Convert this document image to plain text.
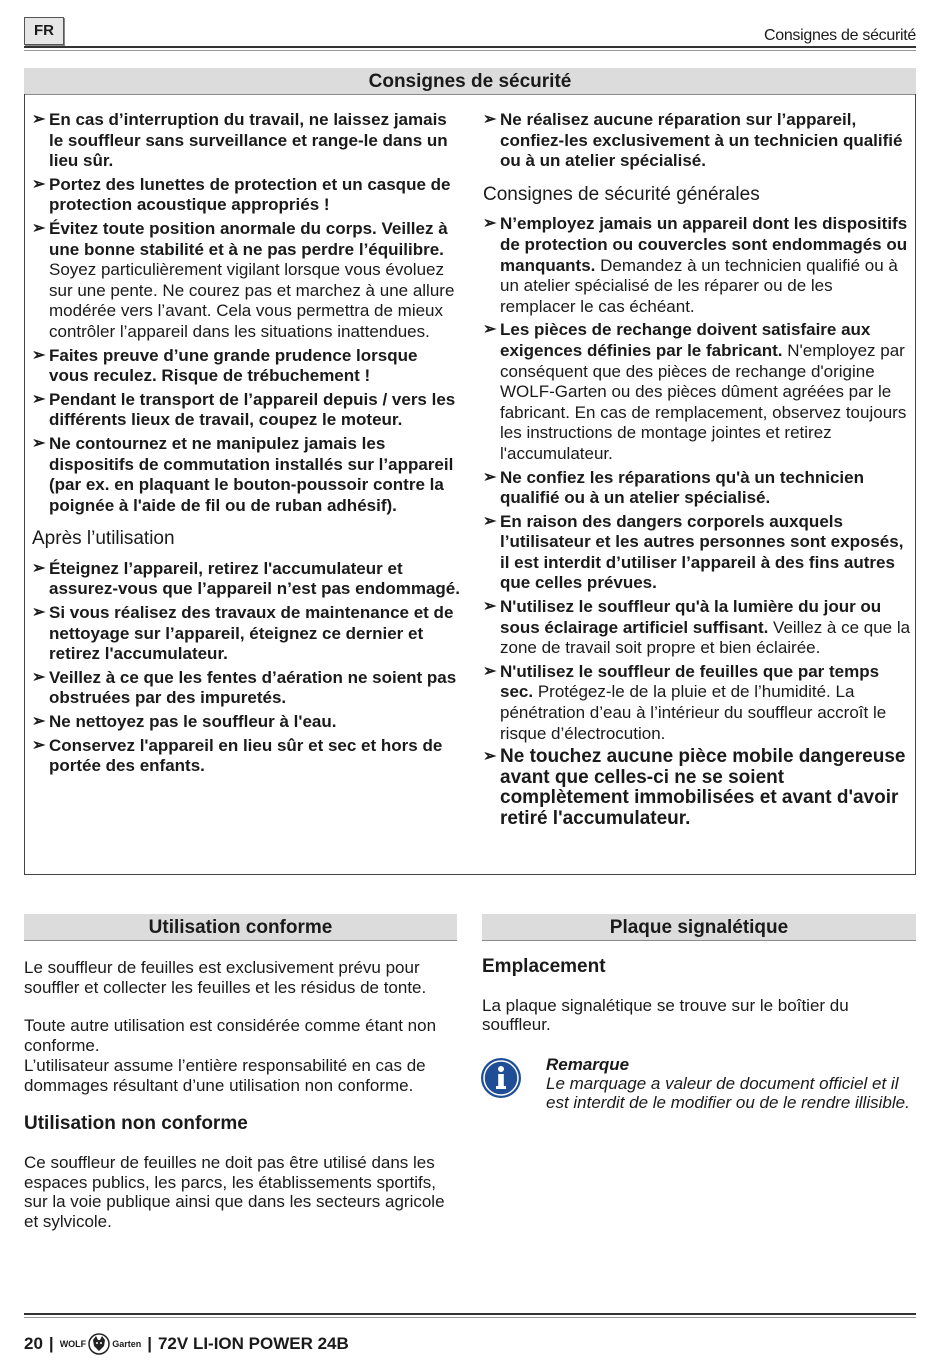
FR	Consignes de sécurité
Consignes de sécurité
➢ En cas d’interruption du travail, ne laissez jamais le souffleur sans surveillance et range-le dans un lieu sûr.
➢ Portez des lunettes de protection et un casque de protection acoustique appropriés !
➢ Évitez toute position anormale du corps. Veillez à une bonne stabilité et à ne pas perdre l’équilibre. Soyez particulièrement vigilant lorsque vous évoluez sur une pente. Ne courez pas et marchez à une allure modérée vers l’avant. Cela vous permettra de mieux contrôler l’appareil dans les situations inattendues.
➢ Faites preuve d’une grande prudence lorsque vous reculez. Risque de trébuchement !
➢ Pendant le transport de l’appareil depuis / vers les différents lieux de travail, coupez le moteur.
➢ Ne contournez et ne manipulez jamais les dispositifs de commutation installés sur l’appareil (par ex. en plaquant le bouton-poussoir contre la poignée à l'aide de fil ou de ruban adhésif).
Après l’utilisation
➢ Éteignez l’appareil, retirez l'accumulateur et assurez-vous que l’appareil n’est pas endommagé.
➢ Si vous réalisez des travaux de maintenance et de nettoyage sur l’appareil, éteignez ce dernier et retirez l'accumulateur.
➢ Veillez à ce que les fentes d’aération ne soient pas obstruées par des impuretés.
➢ Ne nettoyez pas le souffleur à l'eau.
➢ Conservez l'appareil en lieu sûr et sec et hors de portée des enfants.
➢ Ne réalisez aucune réparation sur l’appareil, confiez-les exclusivement à un technicien qualifié ou à un atelier spécialisé.
Consignes de sécurité générales
➢ N’employez jamais un appareil dont les dispositifs de protection ou couvercles sont endommagés ou manquants. Demandez à un technicien qualifié ou à un atelier spécialisé de les réparer ou de les remplacer le cas échéant.
➢ Les pièces de rechange doivent satisfaire aux exigences définies par le fabricant. N'employez par conséquent que des pièces de rechange d'origine WOLF-Garten ou des pièces dûment agréées par le fabricant. En cas de remplacement, observez toujours les instructions de montage jointes et retirez l'accumulateur.
➢ Ne confiez les réparations qu'à un technicien qualifié ou à un atelier spécialisé.
➢ En raison des dangers corporels auxquels l’utilisateur et les autres personnes sont exposés, il est interdit d’utiliser l’appareil à des fins autres que celles prévues.
➢ N'utilisez le souffleur qu'à la lumière du jour ou sous éclairage artificiel suffisant. Veillez à ce que la zone de travail soit propre et bien éclairée.
➢ N'utilisez le souffleur de feuilles que par temps sec. Protégez-le de la pluie et de l’humidité. La pénétration d’eau à l’intérieur du souffleur accroît le risque d’électrocution.
➢ Ne touchez aucune pièce mobile dangereuse avant que celles-ci ne se soient complètement immobilisées et avant d'avoir retiré l'accumulateur.
Utilisation conforme

Le souffleur de feuilles est exclusivement prévu pour souffler et collecter les feuilles et les résidus de tonte.

Toute autre utilisation est considérée comme étant non conforme.

L’utilisateur assume l’entière responsabilité en cas de dommages résultant d’une utilisation non conforme.

Utilisation non conforme

Ce souffleur de feuilles ne doit pas être utilisé dans les espaces publics, les parcs, les établissements sportifs, sur la voie publique ainsi que dans les secteurs agricole et sylvicole.

Plaque signalétique
Emplacement

La plaque signalétique se trouve sur le boîtier du souffleur.

Remarque
Le marquage a valeur de document officiel et il est interdit de le modifier ou de le rendre illisible.
20 | WOLF	Garten | 72V LI-ION POWER 24B
